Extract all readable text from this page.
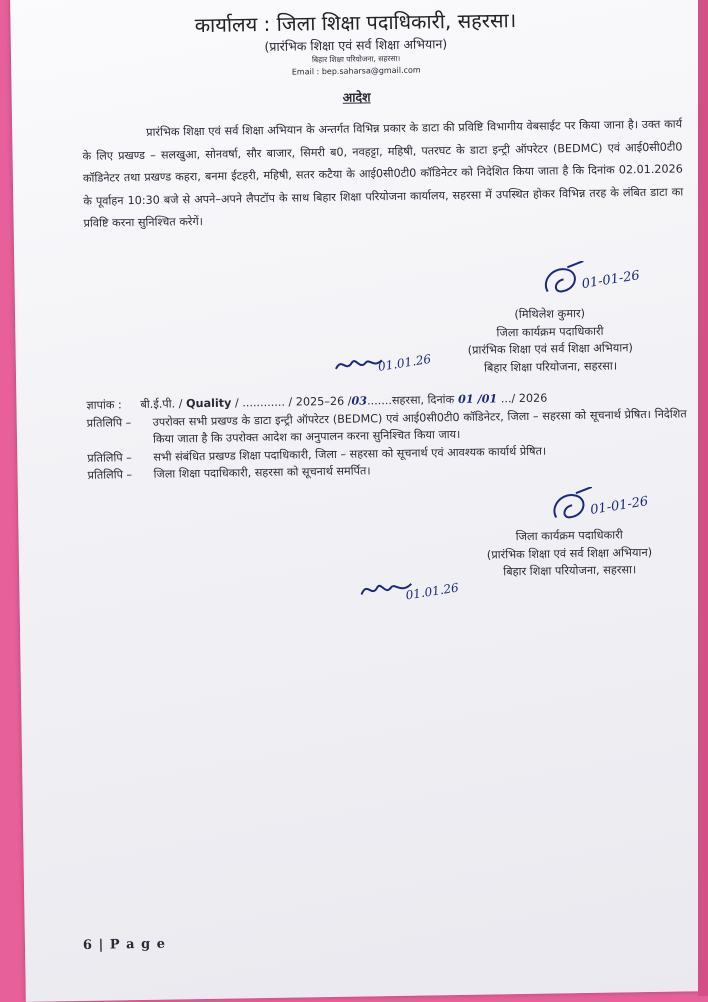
कार्यालय : जिला शिक्षा पदाधिकारी, सहरसा।
(प्रारंभिक शिक्षा एवं सर्व शिक्षा अभियान)
बिहार शिक्षा परियोजना, सहरसा।
Email : bep.saharsa@gmail.com
आदेश
प्रारंभिक शिक्षा एवं सर्व शिक्षा अभियान के अन्तर्गत विभिन्न प्रकार के डाटा की प्रविष्टि विभागीय वेबसाईट पर किया जाना है। उक्त कार्य के लिए प्रखण्ड – सलखुआ, सोनवर्षा, सौर बाजार, सिमरी ब0, नवहट्टा, महिषी, पतरघट के डाटा इन्ट्री ऑपरेटर (BEDMC) एवं आई0सी0टी0 कॉडिनेटर तथा प्रखण्ड कहरा, बनमा ईटहरी, महिषी, सतर कटैया के आई0सी0टी0 कॉडिनेटर को निदेशित किया जाता है कि दिनांक 02.01.2026 के पूर्वाहन 10:30 बजे से अपने–अपने लैपटॉप के साथ बिहार शिक्षा परियोजना कार्यालय, सहरसा में उपस्थित होकर विभिन्न तरह के लंबित डाटा का प्रविष्टि करना सुनिश्चित करेगें।
01-01-26
(मिथिलेश कुमार)
जिला कार्यक्रम पदाधिकारी
(प्रारंभिक शिक्षा एवं सर्व शिक्षा अभियान)
बिहार शिक्षा परियोजना, सहरसा।
01.01.26
ज्ञापांक :	बी.ई.पी. /
Quality
/ ............ /
2025–26 / 03 .......सहरसा, दिनांक 01 / 01 ... / 2026
प्रतिलिपि –	उपरोक्त सभी प्रखण्ड के डाटा इन्ट्री ऑपरेटर (BEDMC) एवं आई0सी0टी0 कॉडिनेटर, जिला – सहरसा को सूचनार्थ प्रेषित। निदेशित किया जाता है कि उपरोक्त आदेश का अनुपालन करना सुनिश्चित किया जाय।
प्रतिलिपि –	सभी संबंधित प्रखण्ड शिक्षा पदाधिकारी, जिला – सहरसा को सूचनार्थ एवं आवश्यक कार्यार्थ प्रेषित।
प्रतिलिपि –	जिला शिक्षा पदाधिकारी, सहरसा को सूचनार्थ समर्पित।
01-01-26
जिला कार्यक्रम पदाधिकारी
(प्रारंभिक शिक्षा एवं सर्व शिक्षा अभियान)
बिहार शिक्षा परियोजना, सहरसा।
01.01.26
6 | P a g e
